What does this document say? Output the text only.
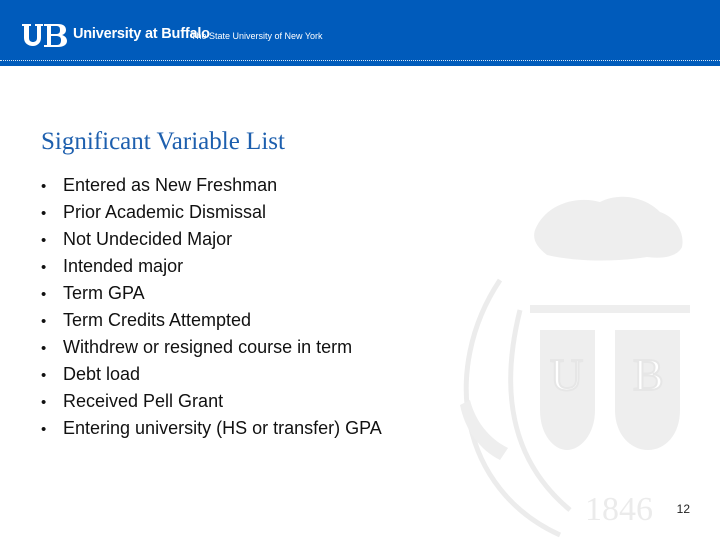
University at Buffalo
The State University of New York
U B
1846
Significant Variable List
• Entered as New Freshman
• Prior Academic Dismissal
• Not Undecided Major
• Intended major
• Term GPA
• Term Credits Attempted
• Withdrew or resigned course in term
• Debt load
• Received Pell Grant
• Entering university (HS or transfer) GPA
12
